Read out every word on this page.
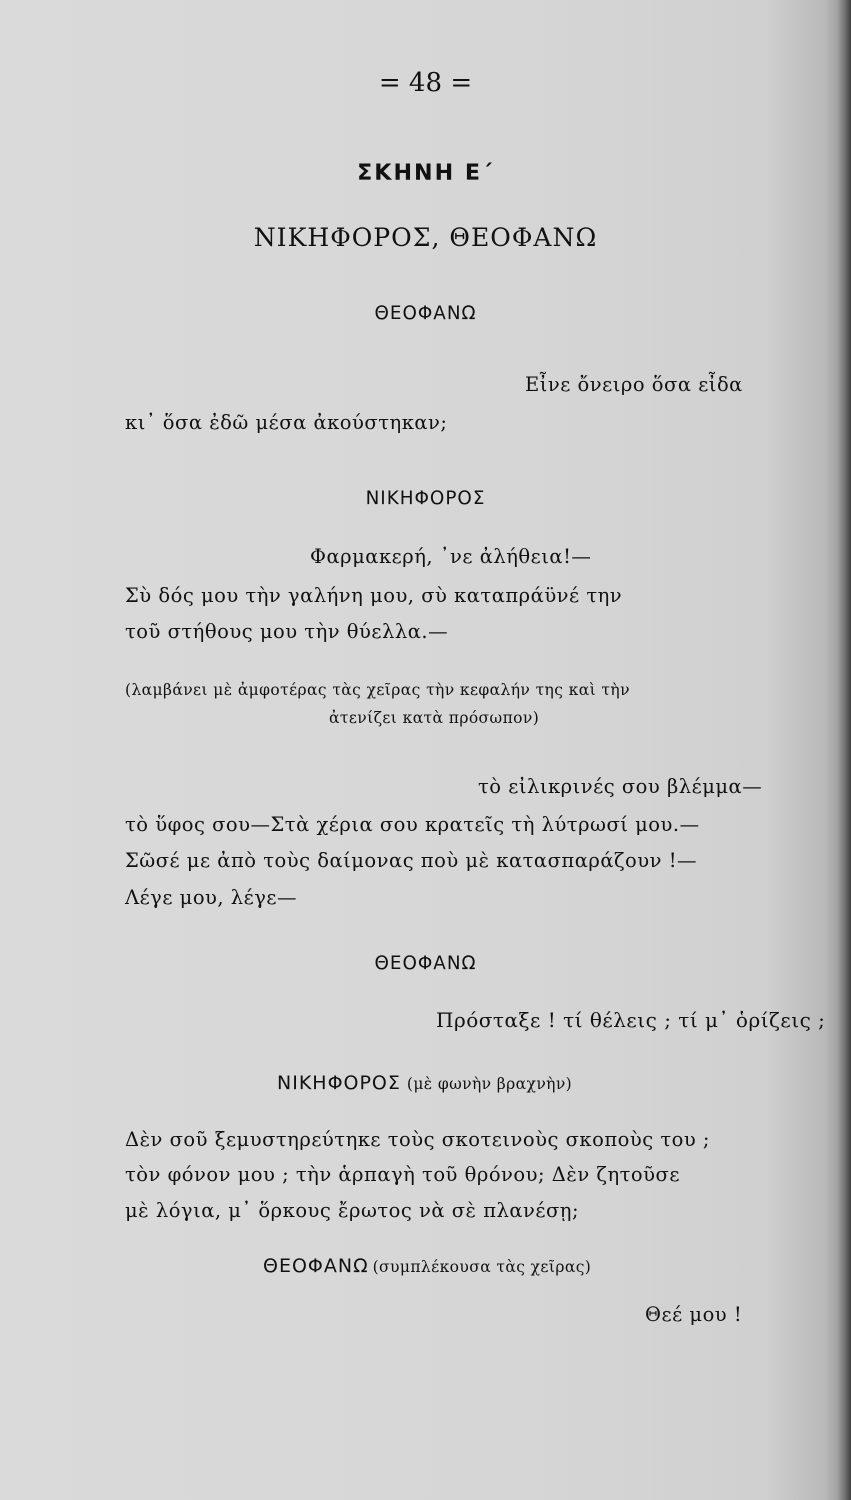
= 48 =
ΣΚΗΝΗ Ε΄
ΝΙΚΗΦΟΡΟΣ, ΘΕΟΦΑΝΩ
ΘΕΟΦΑΝΩ
Εἶνε ὄνειρο ὅσα εἶδα
κι᾽ ὅσα ἐδῶ μέσα ἀκούστηκαν;
ΝΙΚΗΦΟΡΟΣ
Φαρμακερή, ᾽νε ἀλήθεια!—
Σὺ δός μου τὴν γαλήνη μου, σὺ καταπράϋνέ την
τοῦ στήθους μου τὴν θύελλα.—
(λαμβάνει μὲ ἀμφοτέρας τὰς χεῖρας τὴν κεφαλήν της καὶ τὴν
ἀτενίζει κατὰ πρόσωπον)
τὸ εἰλικρινές σου βλέμμα—
τὸ ὕφος σου—Στὰ χέρια σου κρατεῖς τὴ λύτρωσί μου.—
Σῶσέ με ἀπὸ τοὺς δαίμονας ποὺ μὲ κατασπαράζουν !—
Λέγε μου, λέγε—
ΘΕΟΦΑΝΩ
Πρόσταξε ! τί θέλεις ; τί μ᾽ ὁρίζεις ;
ΝΙΚΗΦΟΡΟΣ (μὲ φωνὴν βραχνὴν)
Δὲν σοῦ ξεμυστηρεύτηκε τοὺς σκοτεινοὺς σκοποὺς του ;
τὸν φόνον μου ; τὴν ἁρπαγὴ τοῦ θρόνου; Δὲν ζητοῦσε
μὲ λόγια, μ᾽ ὅρκους ἔρωτος νὰ σὲ πλανέσῃ;
ΘΕΟΦΑΝΩ (συμπλέκουσα τὰς χεῖρας)
Θεέ μου !
